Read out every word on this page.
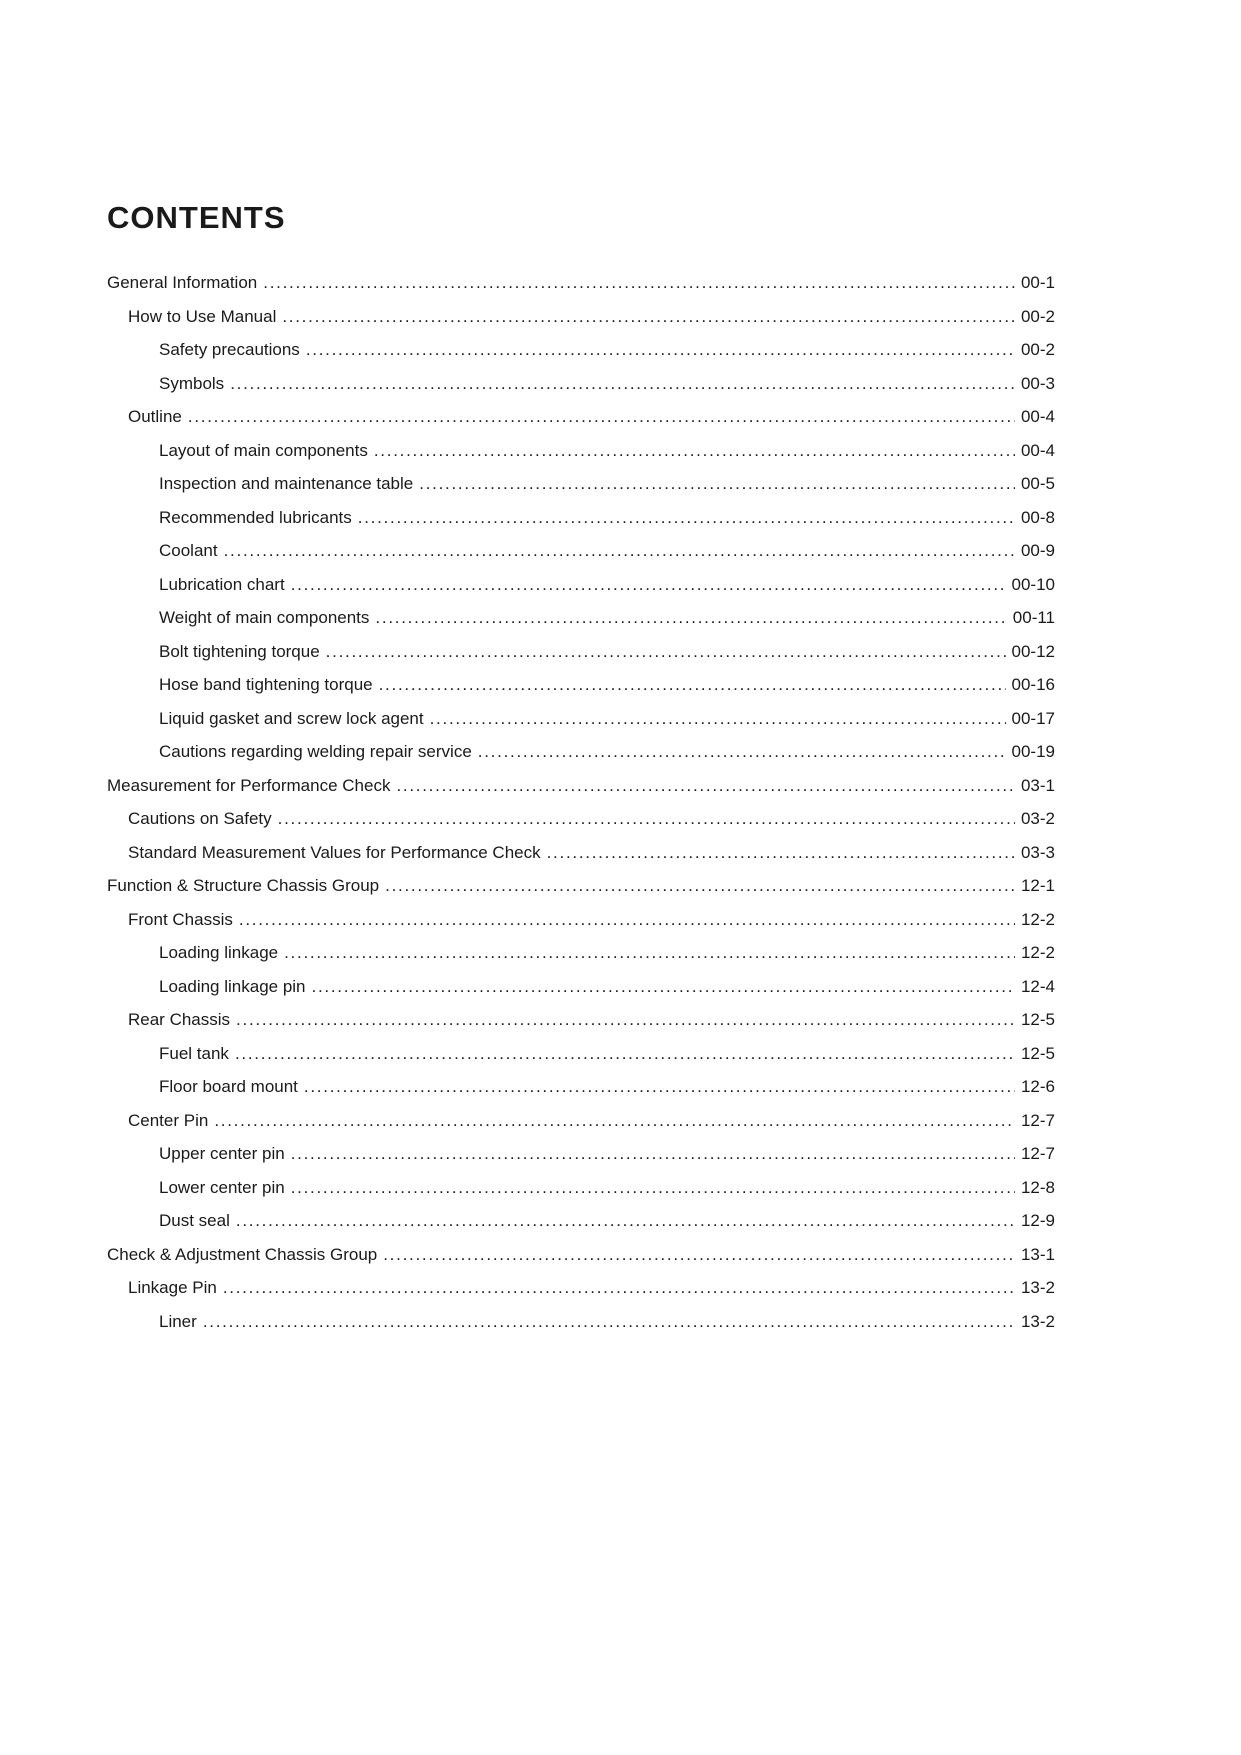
CONTENTS
General Information . . .	00-1
How to Use Manual . . .	00-2
Safety precautions . . .	00-2
Symbols . . .	00-3
Outline . . .	00-4
Layout of main components . . .	00-4
Inspection and maintenance table . . .	00-5
Recommended lubricants . . .	00-8
Coolant . . .	00-9
Lubrication chart . . .	00-10
Weight of main components . . .	00-11
Bolt tightening torque . . .	00-12
Hose band tightening torque . . .	00-16
Liquid gasket and screw lock agent . . .	00-17
Cautions regarding welding repair service . . .	00-19
Measurement for Performance Check . . .	03-1
Cautions on Safety . . .	03-2
Standard Measurement Values for Performance Check . . .	03-3
Function & Structure Chassis Group . . .	12-1
Front Chassis . . .	12-2
Loading linkage . . .	12-2
Loading linkage pin . . .	12-4
Rear Chassis . . .	12-5
Fuel tank . . .	12-5
Floor board mount . . .	12-6
Center Pin . . .	12-7
Upper center pin . . .	12-7
Lower center pin . . .	12-8
Dust seal . . .	12-9
Check & Adjustment Chassis Group . . .	13-1
Linkage Pin . . .	13-2
Liner . . .	13-2
